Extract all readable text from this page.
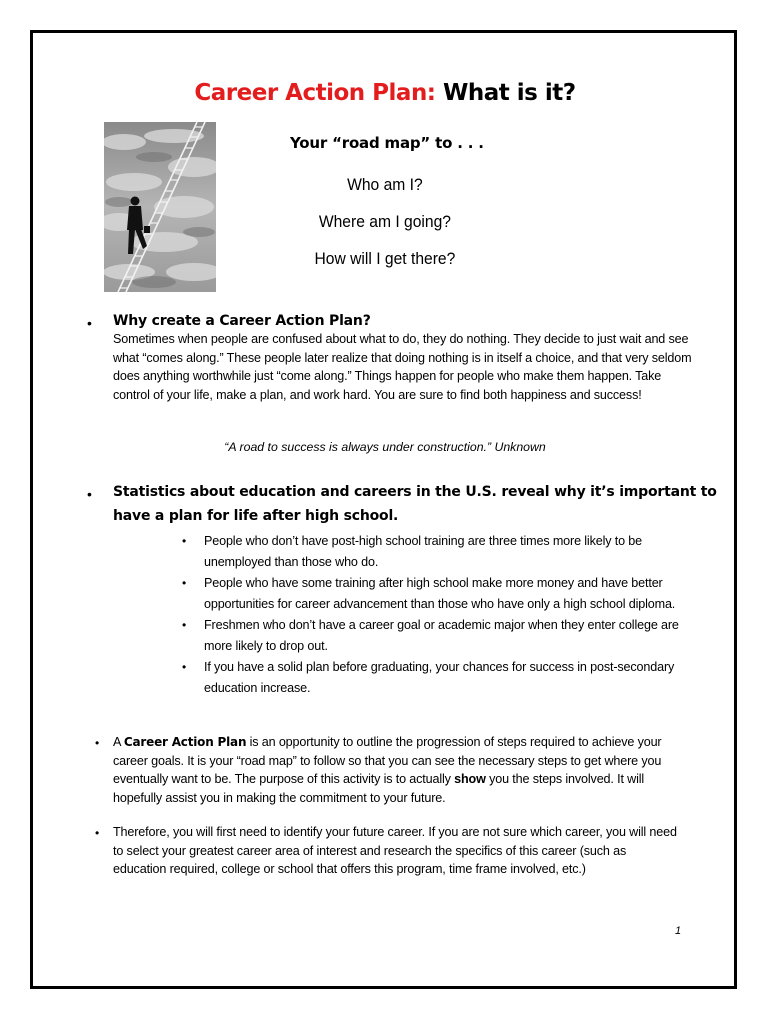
Career Action Plan: What is it?
Your “road map” to . . .
Who am I?
Where am I going?
How will I get there?
• Why create a Career Action Plan?
Sometimes when people are confused about what to do, they do nothing. They decide to just wait and see what “comes along.” These people later realize that doing nothing is in itself a choice, and that very seldom does anything worthwhile just “come along.” Things happen for people who make them happen. Take control of your life, make a plan, and work hard. You are sure to find both happiness and success!
“A road to success is always under construction.” Unknown
• Statistics about education and careers in the U.S. reveal why it’s important to
have a plan for life after high school.
• People who don’t have post-high school training are three times more likely to be unemployed than those who do.
• People who have some training after high school make more money and have better opportunities for career advancement than those who have only a high school diploma.
• Freshmen who don’t have a career goal or academic major when they enter college are more likely to drop out.
• If you have a solid plan before graduating, your chances for success in post-secondary education increase.
• A Career Action Plan is an opportunity to outline the progression of steps required to achieve your career goals. It is your “road map” to follow so that you can see the necessary steps to get where you eventually want to be. The purpose of this activity is to actually show you the steps involved. It will hopefully assist you in making the commitment to your future.
• Therefore, you will first need to identify your future career. If you are not sure which career, you will need to select your greatest career area of interest and research the specifics of this career (such as education required, college or school that offers this program, time frame involved, etc.)
1
